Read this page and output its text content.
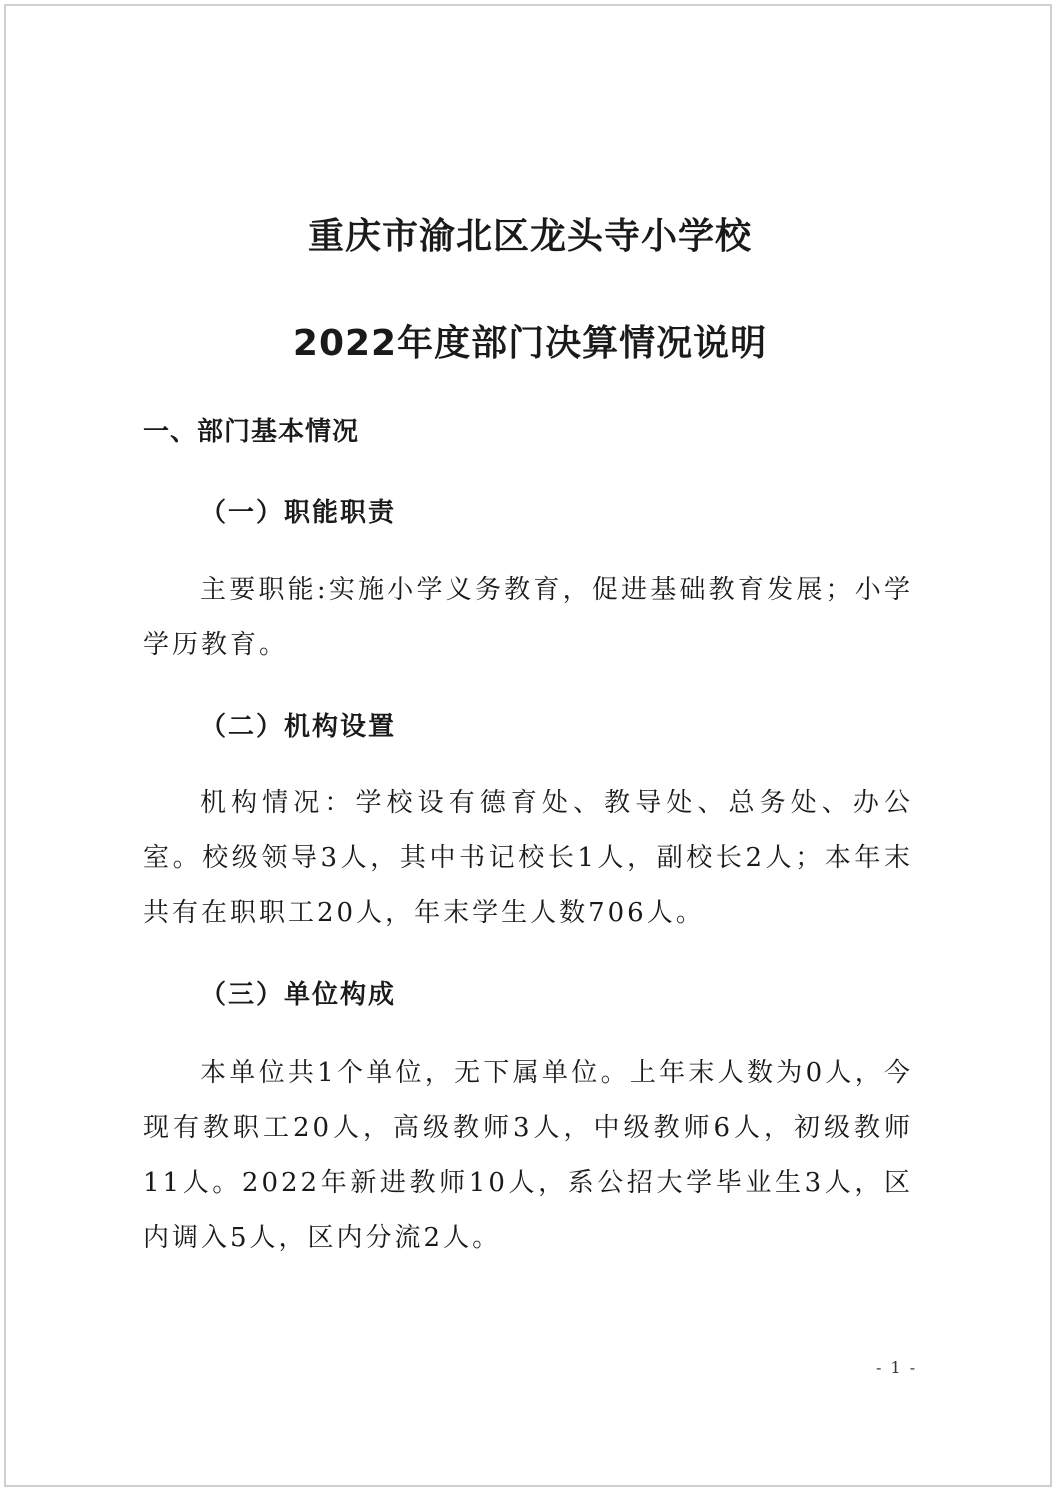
重庆市渝北区龙头寺小学校
2022年度部门决算情况说明
一、部门基本情况
（一）职能职责

主要职能:实施小学义务教育，促进基础教育发展；小学学历教育。

（二）机构设置

机构情况：学校设有德育处、教导处、总务处、办公室。校级领导3人，其中书记校长1人，副校长2人；本年末共有在职职工20人，年末学生人数706人。

（三）单位构成

本单位共1个单位，无下属单位。上年末人数为0人，今现有教职工20人，高级教师3人，中级教师6人，初级教师11人。2022年新进教师10人，系公招大学毕业生3人，区内调入5人，区内分流2人。

- 1 -
